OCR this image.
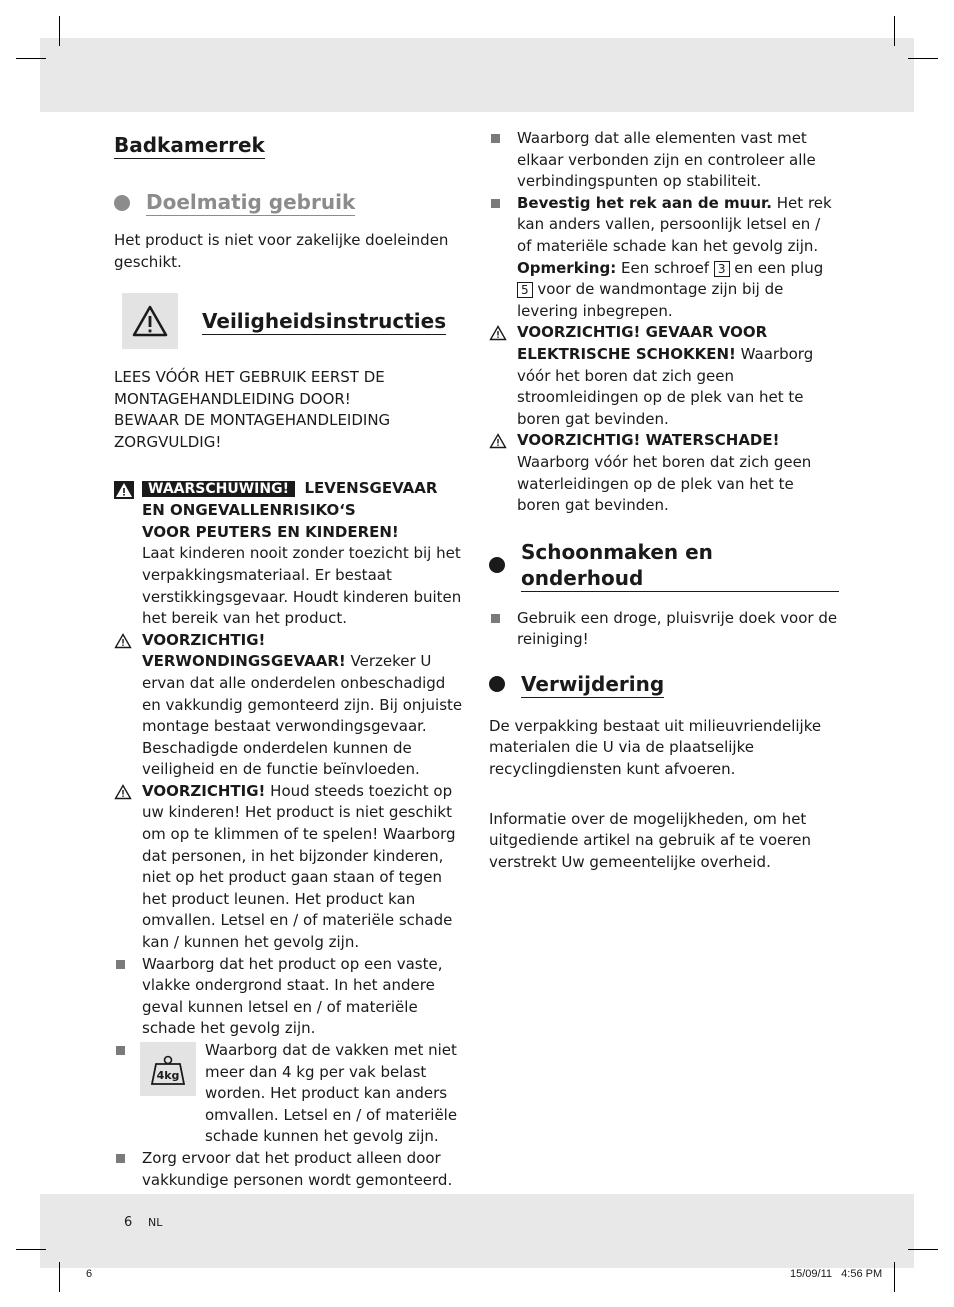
Badkamerrek
Doelmatig gebruik

Het product is niet voor zakelijke doeleinden geschikt.

Veiligheidsinstructies

LEES VÓÓR HET GEBRUIK EERST DE

MONTAGEHANDLEIDING DOOR!

BEWAAR DE MONTAGEHANDLEIDING

ZORGVULDIG!

WAARSCHUWING! LEVENSGEVAAR

EN ONGEVALLENRISIKO‘S

VOOR PEUTERS EN KINDEREN!

Laat kinderen nooit zonder toezicht bij het verpakkingsmateriaal. Er bestaat verstikkingsgevaar. Houdt kinderen buiten het bereik van het product.

VOORZICHTIG!

VERWONDINGSGEVAAR! Verzeker U ervan dat alle onderdelen onbeschadigd en vakkundig gemonteerd zijn. Bij onjuiste montage bestaat verwondingsgevaar. Beschadigde onderdelen kunnen de veiligheid en de functie beïnvloeden.

VOORZICHTIG! Houd steeds toezicht op uw kinderen! Het product is niet geschikt om op te klimmen of te spelen! Waarborg dat personen, in het bijzonder kinderen, niet op het product gaan staan of tegen het product leunen. Het product kan omvallen. Letsel en / of materiële schade kan / kunnen het gevolg zijn.

Waarborg dat het product op een vaste, vlakke ondergrond staat. In het andere geval kunnen letsel en / of materiële schade het gevolg zijn.

4kg

Waarborg dat de vakken met niet meer dan 4 kg per vak belast worden. Het product kan anders omvallen. Letsel en / of materiële schade kunnen het gevolg zijn.

Zorg ervoor dat het product alleen door vakkundige personen wordt gemonteerd.

Waarborg dat alle elementen vast met elkaar verbonden zijn en controleer alle verbindingspunten op stabiliteit.

Bevestig het rek aan de muur. Het rek kan anders vallen, persoonlijk letsel en / of materiële schade kan het gevolg zijn.

Opmerking: Een schroef 3 en een plug 5 voor de wandmontage zijn bij de levering inbegrepen.

VOORZICHTIG! GEVAAR VOOR ELEKTRISCHE SCHOKKEN! Waarborg vóór het boren dat zich geen stroomleidingen op de plek van het te boren gat bevinden.

VOORZICHTIG! WATERSCHADE! Waarborg vóór het boren dat zich geen waterleidingen op de plek van het te boren gat bevinden.

Schoonmaken en onderhoud

Gebruik een droge, pluisvrije doek voor de reiniging!

Verwijdering

De verpakking bestaat uit milieuvriendelijke materialen die U via de plaatselijke recyclingdiensten kunt afvoeren.

Informatie over de mogelijkheden, om het uitgediende artikel na gebruik af te voeren verstrekt Uw gemeentelijke overheid.

6 NL
6	15/09/11   4:56 PM
